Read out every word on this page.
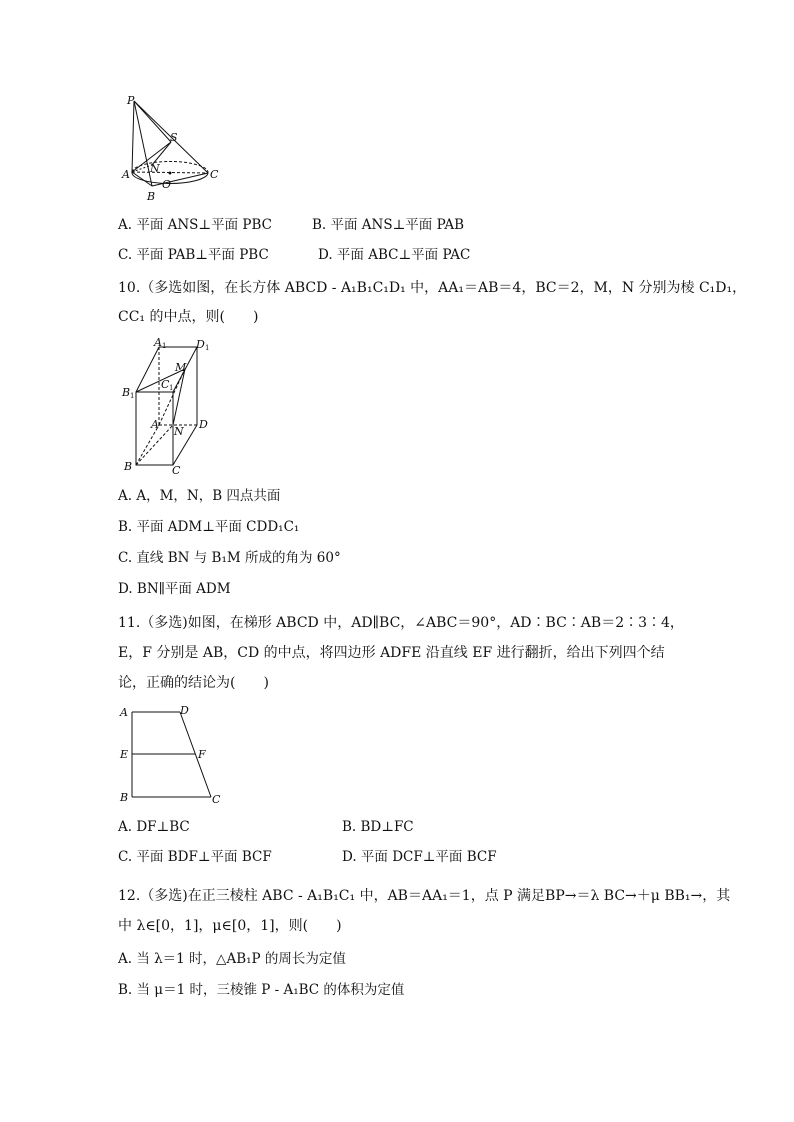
P
S
N
A
O
C
B
A. 平面 ANS⊥平面 PBC	B. 平面 ANS⊥平面 PAB
C. 平面 PAB⊥平面 PBC	D. 平面 ABC⊥平面 PAC
10.（多选如图，在长方体 ABCD - A₁B₁C₁D₁ 中，AA₁＝AB＝4，BC＝2，M，N 分别为棱 C₁D₁，
CC₁ 的中点，则(　　)
A 1	D 1
M
B 1
C 1
A
N
D
B	C
A. A，M，N，B 四点共面
B. 平面 ADM⊥平面 CDD₁C₁
C. 直线 BN 与 B₁M 所成的角为 60°
D. BN∥平面 ADM
11.（多选)如图，在梯形 ABCD 中，AD∥BC，∠ABC＝90°，AD∶BC∶AB＝2∶3∶4，
E，F 分别是 AB，CD 的中点，将四边形 ADFE 沿直线 EF 进行翻折，给出下列四个结
论，正确的结论为(　　)
A	D
E	F
B	C
A. DF⊥BC	B. BD⊥FC
C. 平面 BDF⊥平面 BCF	D. 平面 DCF⊥平面 BCF
12.（多选)在正三棱柱 ABC - A₁B₁C₁ 中，AB＝AA₁＝1，点 P 满足BP→＝λ BC→＋μ BB₁→，其
中 λ∈[0，1]，μ∈[0，1]，则(　　)
A. 当 λ＝1 时，△AB₁P 的周长为定值
B. 当 μ＝1 时，三棱锥 P - A₁BC 的体积为定值
